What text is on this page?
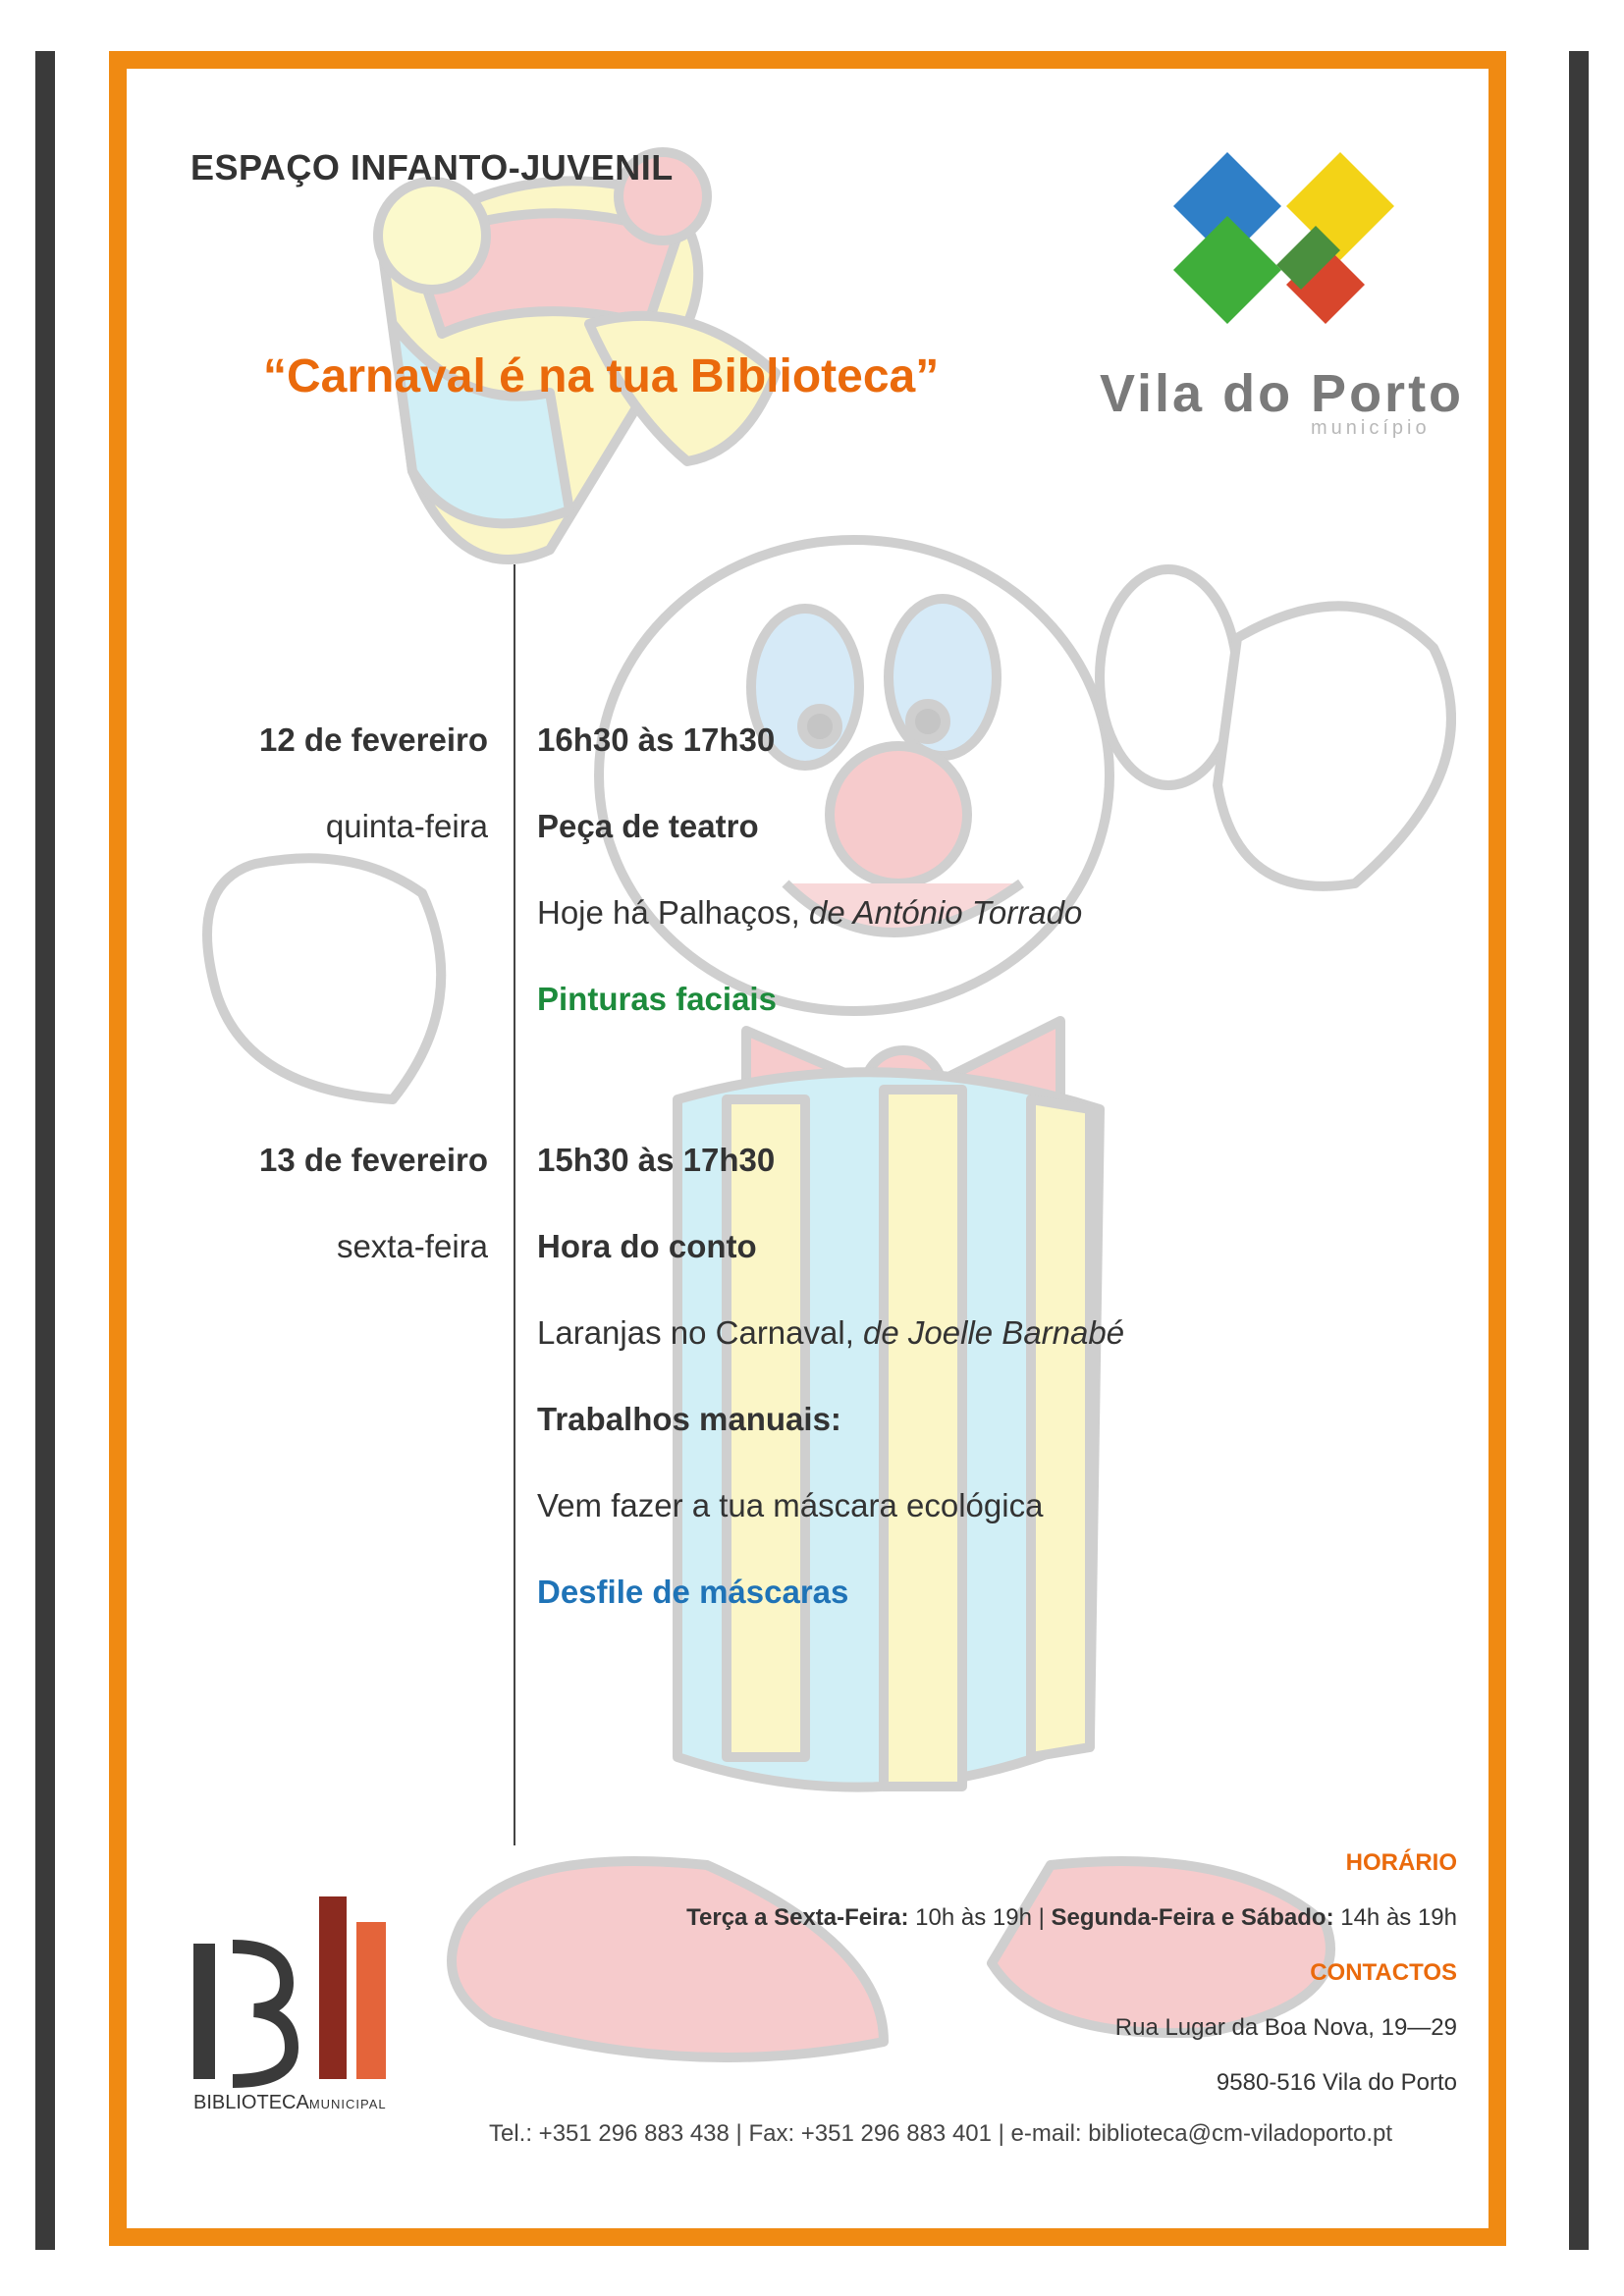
ESPAÇO INFANTO-JUVENIL
“Carnaval é na tua Biblioteca”	Vila do Porto
município
12 de fevereiro
quinta-feira
16h30 às 17h30
Peça de teatro
Hoje há Palhaços, de António Torrado
Pinturas faciais
13 de fevereiro
sexta-feira
15h30 às 17h30
Hora do conto
Laranjas no Carnaval, de Joelle Barnabé
Trabalhos manuais:
Vem fazer a tua máscara ecológica
Desfile de máscaras
HORÁRIO
Terça a Sexta-Feira: 10h às 19h | Segunda-Feira e Sábado: 14h às 19h
CONTACTOS
Rua Lugar da Boa Nova, 19—29
9580-516 Vila do Porto
Tel.: +351 296 883 438 | Fax: +351 296 883 401 | e-mail: biblioteca@cm-viladoporto.pt
BIBLIOTECAMUNICIPAL
